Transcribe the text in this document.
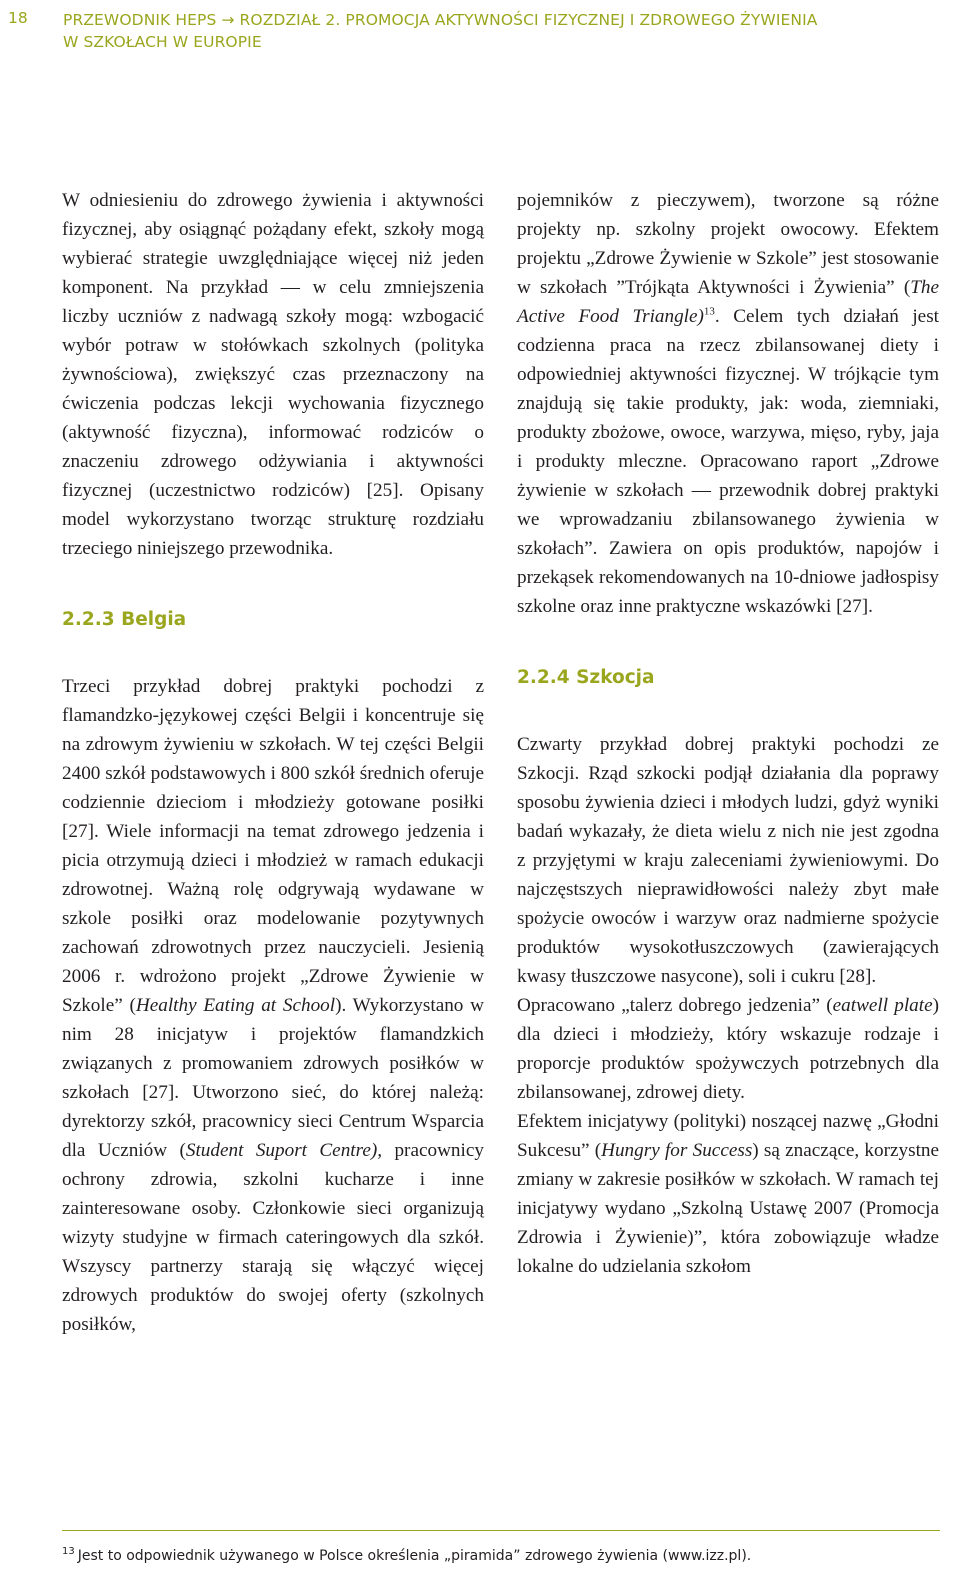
18 PRZEWODNIK HEPS → ROZDZIAŁ 2. PROMOCJA AKTYWNOŚCI FIZYCZNEJ I ZDROWEGO ŻYWIENIA
W SZKOŁACH W EUROPIE

W odniesieniu do zdrowego żywienia i aktywności fizycznej, aby osiągnąć pożądany efekt, szkoły mogą wybierać strategie uwzględniające więcej niż jeden komponent. Na przykład — w celu zmniejszenia liczby uczniów z nadwagą szkoły mogą: wzbogacić wybór potraw w stołówkach szkolnych (polityka żywnościowa), zwiększyć czas przeznaczony na ćwiczenia podczas lekcji wychowania fizycznego (aktywność fizyczna), informować rodziców o znaczeniu zdrowego odżywiania i aktywności fizycznej (uczestnictwo rodziców) [25]. Opisany model wykorzystano tworząc strukturę rozdziału trzeciego niniejszego przewodnika.

2.2.3 Belgia

Trzeci przykład dobrej praktyki pochodzi z flamandzko-językowej części Belgii i koncentruje się na zdrowym żywieniu w szkołach. W tej części Belgii 2400 szkół podstawowych i 800 szkół średnich oferuje codziennie dzieciom i młodzieży gotowane posiłki [27]. Wiele informacji na temat zdrowego jedzenia i picia otrzymują dzieci i młodzież w ramach edukacji zdrowotnej. Ważną rolę odgrywają wydawane w szkole posiłki oraz modelowanie pozytywnych zachowań zdrowotnych przez nauczycieli. Jesienią 2006 r. wdrożono projekt „Zdrowe Żywienie w Szkole” (Healthy Eating at School). Wykorzystano w nim 28 inicjatyw i projektów flamandzkich związanych z promowaniem zdrowych posiłków w szkołach [27]. Utworzono sieć, do której należą: dyrektorzy szkół, pracownicy sieci Centrum Wsparcia dla Uczniów (Student Suport Centre), pracownicy ochrony zdrowia, szkolni kucharze i inne zainteresowane osoby. Członkowie sieci organizują wizyty studyjne w firmach cateringowych dla szkół. Wszyscy partnerzy starają się włączyć więcej zdrowych produktów do swojej oferty (szkolnych posiłków,

pojemników z pieczywem), tworzone są różne projekty np. szkolny projekt owocowy. Efektem projektu „Zdrowe Żywienie w Szkole” jest stosowanie w szkołach ”Trójkąta Aktywności i Żywienia” (The Active Food Triangle)$^{13}$. Celem tych działań jest codzienna praca na rzecz zbilansowanej diety i odpowiedniej aktywności fizycznej. W trójkącie tym znajdują się takie produkty, jak: woda, ziemniaki, produkty zbożowe, owoce, warzywa, mięso, ryby, jaja i produkty mleczne. Opracowano raport „Zdrowe żywienie w szkołach — przewodnik dobrej praktyki we wprowadzaniu zbilansowanego żywienia w szkołach”. Zawiera on opis produktów, napojów i przekąsek rekomendowanych na 10-dniowe jadłospisy szkolne oraz inne praktyczne wskazówki [27].

2.2.4 Szkocja

Czwarty przykład dobrej praktyki pochodzi ze Szkocji. Rząd szkocki podjął działania dla poprawy sposobu żywienia dzieci i młodych ludzi, gdyż wyniki badań wykazały, że dieta wielu z nich nie jest zgodna z przyjętymi w kraju zaleceniami żywieniowymi. Do najczęstszych nieprawidłowości należy zbyt małe spożycie owoców i warzyw oraz nadmierne spożycie produktów wysokotłuszczowych (zawierających kwasy tłuszczowe nasycone), soli i cukru [28].

Opracowano „talerz dobrego jedzenia” (eatwell plate) dla dzieci i młodzieży, który wskazuje rodzaje i proporcje produktów spożywczych potrzebnych dla zbilansowanej, zdrowej diety.

Efektem inicjatywy (polityki) noszącej nazwę „Głodni Sukcesu” (Hungry for Success) są znaczące, korzystne zmiany w zakresie posiłków w szkołach. W ramach tej inicjatywy wydano „Szkolną Ustawę 2007 (Promocja Zdrowia i Żywienie)”, która zobowiązuje władze lokalne do udzielania szkołom

$^{13}$ Jest to odpowiednik używanego w Polsce określenia „piramida” zdrowego żywienia (www.izz.pl).
